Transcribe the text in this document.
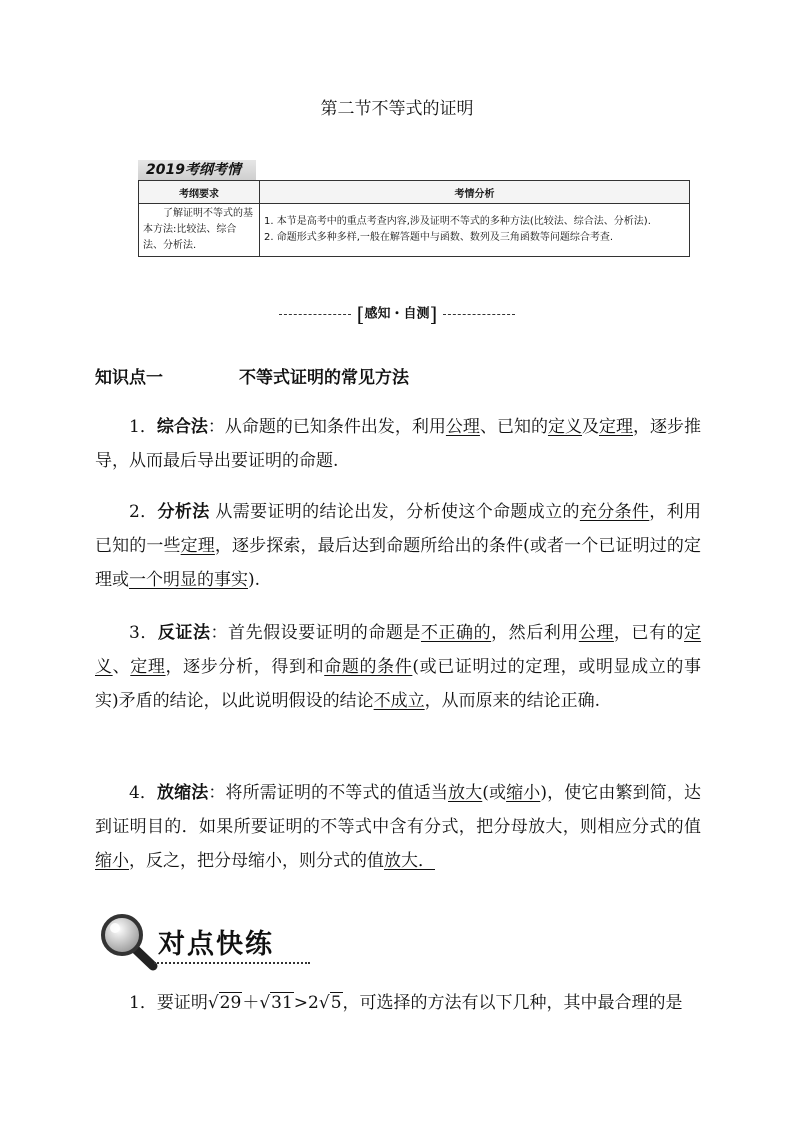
第二节不等式的证明
2019考纲考情
考纲要求	考情分析
了解证明不等式的基本方法:比较法、综合法、分析法.	1. 本节是高考中的重点考查内容,涉及证明不等式的多种方法(比较法、综合法、分析法).
2. 命题形式多种多样,一般在解答题中与函数、数列及三角函数等问题综合考查.
[感知・自测]
知识点一	不等式证明的常见方法
1．综合法：从命题的已知条件出发，利用公理、已知的定义及定理，逐步推导，从而最后导出要证明的命题.
2．分析法 从需要证明的结论出发，分析使这个命题成立的充分条件，利用已知的一些定理，逐步探索，最后达到命题所给出的条件(或者一个已证明过的定理或一个明显的事实).
3．反证法：首先假设要证明的命题是不正确的，然后利用公理，已有的定义、定理，逐步分析，得到和命题的条件(或已证明过的定理，或明显成立的事实)矛盾的结论，以此说明假设的结论不成立，从而原来的结论正确.
4．放缩法：将所需证明的不等式的值适当放大(或缩小)，使它由繁到简，达到证明目的．如果所要证明的不等式中含有分式，把分母放大，则相应分式的值缩小，反之，把分母缩小，则分式的值放大．
对点快练
1．要证明√29＋√31>2√5，可选择的方法有以下几种，其中最合理的是
